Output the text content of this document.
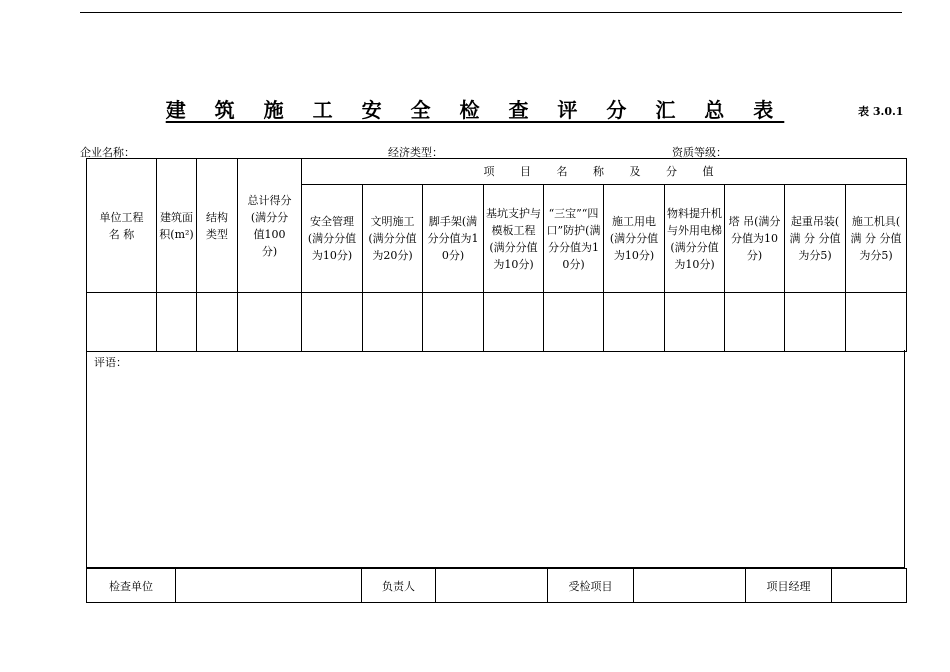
建 筑 施 工 安 全 检 查 评 分 汇 总 表	表 3.0.1
企业名称：	经济类型：	资质等级：
单位工程名 称	建筑面积(m²)	结构类型	总计得分(满分分值100分)	项 目 名 称 及 分 值									
				安全管理(满分分值为10分)	文明施工(满分分值为20分)	脚手架(满分分值为10分)	基坑支护与模板工程(满分分值为10分)	“三宝”“四口”防护(满分分值为10分)	施工用电(满分分值为10分)	物料提升机与外用电梯(满分分值为10分)	塔 吊(满分分值为10分)	起重吊装( 满 分 分值为分5)	施工机具( 满 分 分值为分5)

评语：
检查单位		负责人		受检项目		项目经理	
